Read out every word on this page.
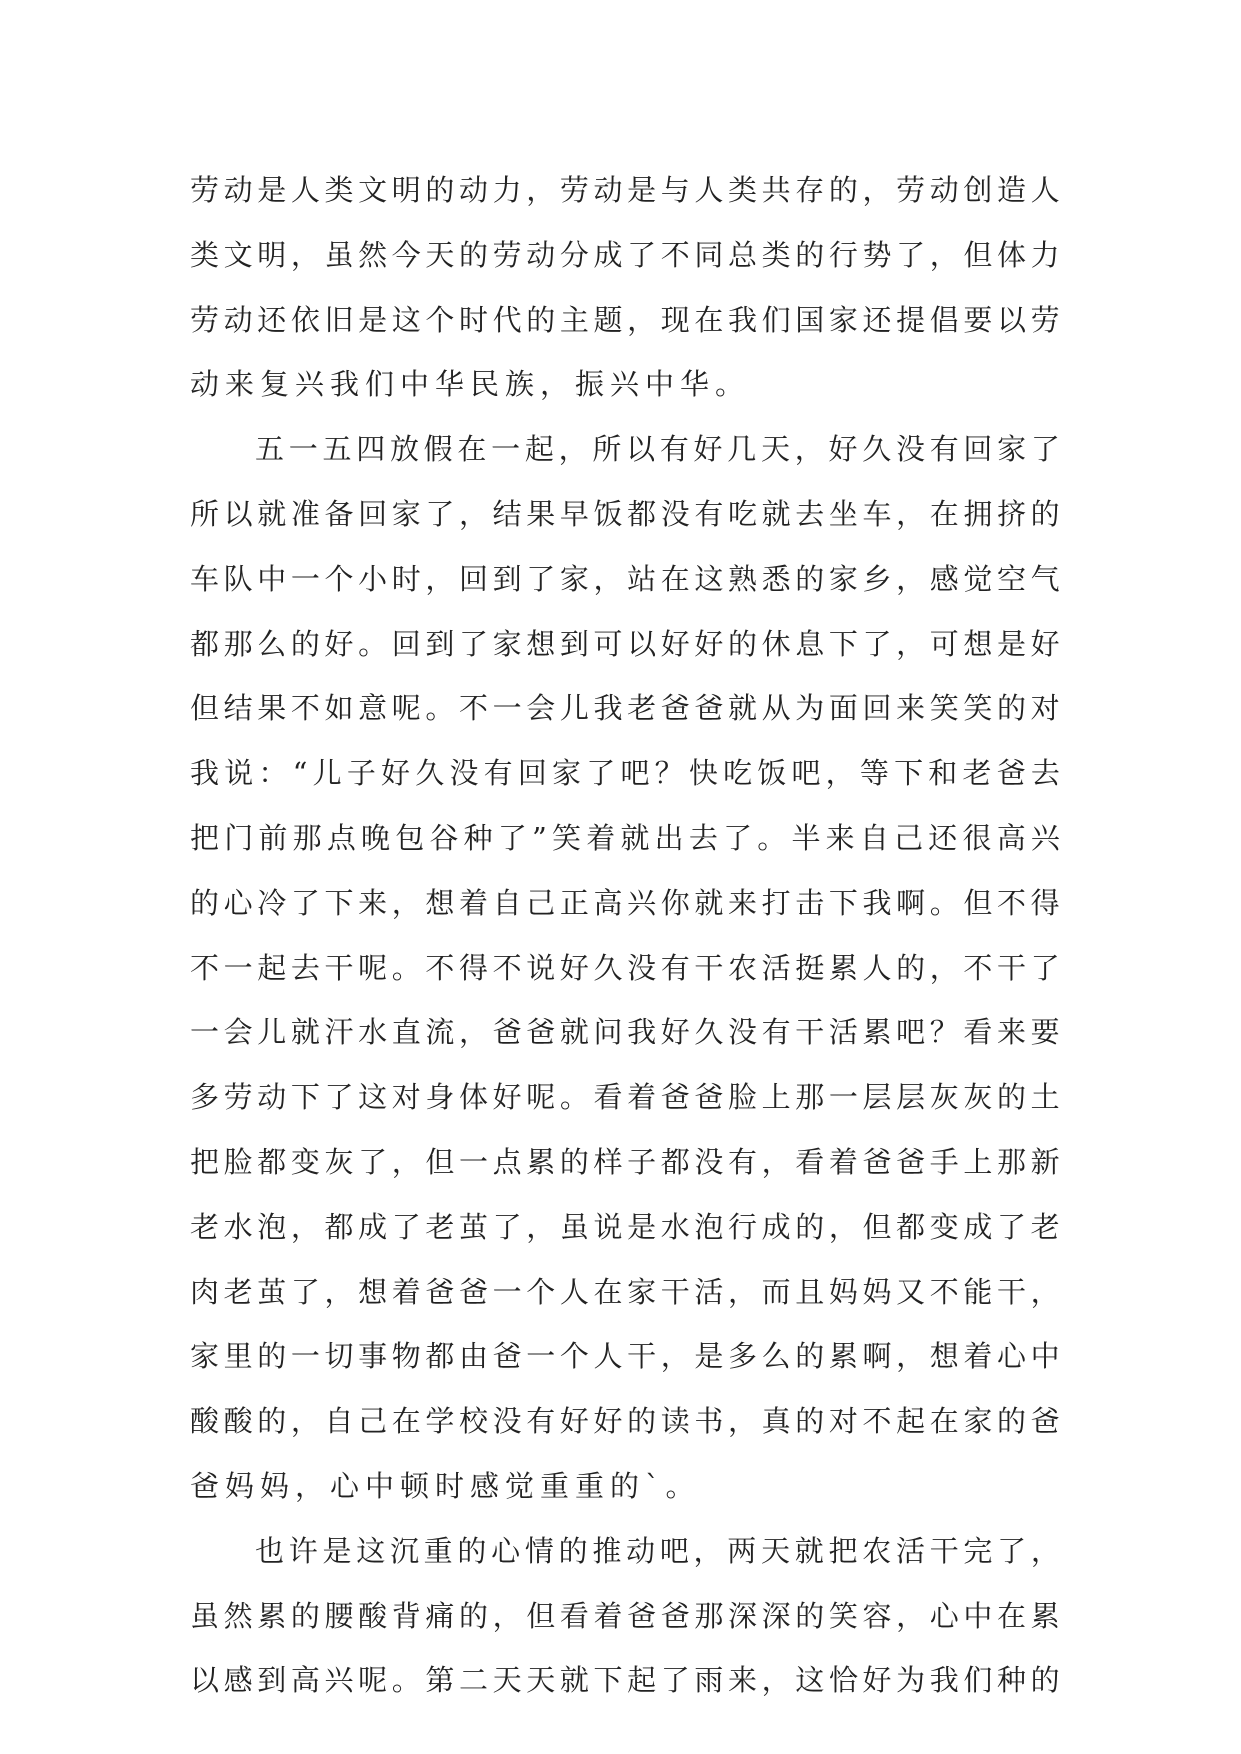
劳 动 是 人 类 文 明 的 动 力 ， 劳 动 是 与 人 类 共 存 的 ， 劳 动 创 造 人
类 文 明 ， 虽 然 今 天 的 劳 动 分 成 了 不 同 总 类 的 行 势 了 ， 但 体 力
劳 动 还 依 旧 是 这 个 时 代 的 主 题 ， 现 在 我 们 国 家 还 提 倡 要 以 劳
动来复兴我们中华民族，振兴中华。
五 一 五 四 放 假 在 一 起 ， 所 以 有 好 几 天 ， 好 久 没 有 回 家 了
所 以 就 准 备 回 家 了 ， 结 果 早 饭 都 没 有 吃 就 去 坐 车 ， 在 拥 挤 的
车 队 中 一 个 小 时 ， 回 到 了 家 ， 站 在 这 熟 悉 的 家 乡 ， 感 觉 空 气
都 那 么 的 好 。 回 到 了 家 想 到 可 以 好 好 的 休 息 下 了 ， 可 想 是 好
但 结 果 不 如 意 呢 。 不 一 会 儿 我 老 爸 爸 就 从 为 面 回 来 笑 笑 的 对
我 说 ： “ 儿 子 好 久 没 有 回 家 了 吧 ？ 快 吃 饭 吧 ， 等 下 和 老 爸 去
把 门 前 那 点 晚 包 谷 种 了 ” 笑 着 就 出 去 了 。 半 来 自 己 还 很 高 兴
的 心 冷 了 下 来 ， 想 着 自 己 正 高 兴 你 就 来 打 击 下 我 啊 。 但 不 得
不 一 起 去 干 呢 。 不 得 不 说 好 久 没 有 干 农 活 挺 累 人 的 ， 不 干 了
一 会 儿 就 汗 水 直 流 ， 爸 爸 就 问 我 好 久 没 有 干 活 累 吧 ？ 看 来 要
多 劳 动 下 了 这 对 身 体 好 呢 。 看 着 爸 爸 脸 上 那 一 层 层 灰 灰 的 土
把 脸 都 变 灰 了 ， 但 一 点 累 的 样 子 都 没 有 ， 看 着 爸 爸 手 上 那 新
老 水 泡 ， 都 成 了 老 茧 了 ， 虽 说 是 水 泡 行 成 的 ， 但 都 变 成 了 老
肉 老 茧 了 ， 想 着 爸 爸 一 个 人 在 家 干 活 ， 而 且 妈 妈 又 不 能 干 ，
家 里 的 一 切 事 物 都 由 爸 一 个 人 干 ， 是 多 么 的 累 啊 ， 想 着 心 中
酸 酸 的 ， 自 己 在 学 校 没 有 好 好 的 读 书 ， 真 的 对 不 起 在 家 的 爸
爸妈妈，心中顿时感觉重重的`。
也 许 是 这 沉 重 的 心 情 的 推 动 吧 ， 两 天 就 把 农 活 干 完 了 ，
虽 然 累 的 腰 酸 背 痛 的 ， 但 看 着 爸 爸 那 深 深 的 笑 容 ， 心 中 在 累
以 感 到 高 兴 呢 。 第 二 天 天 就 下 起 了 雨 来 ， 这 恰 好 为 我 们 种 的
